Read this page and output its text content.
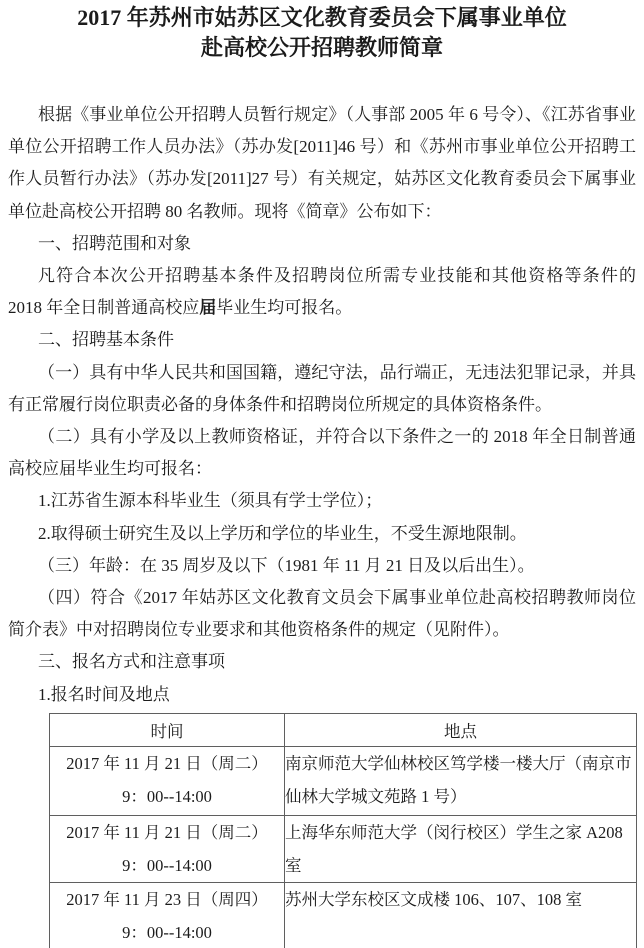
2017 年苏州市姑苏区文化教育委员会下属事业单位
赴高校公开招聘教师简章

根据《事业单位公开招聘人员暂行规定》（人事部 2005 年 6 号令）、《江苏省事业单位公开招聘工作人员办法》（苏办发[2011]46 号）和《苏州市事业单位公开招聘工作人员暂行办法》（苏办发[2011]27 号）有关规定，姑苏区文化教育委员会下属事业单位赴高校公开招聘 80 名教师。现将《简章》公布如下：

一、招聘范围和对象

凡符合本次公开招聘基本条件及招聘岗位所需专业技能和其他资格等条件的 2018 年全日制普通高校应届毕业生均可报名。

二、招聘基本条件

（一）具有中华人民共和国国籍，遵纪守法，品行端正，无违法犯罪记录，并具有正常履行岗位职责必备的身体条件和招聘岗位所规定的具体资格条件。

（二）具有小学及以上教师资格证，并符合以下条件之一的 2018 年全日制普通高校应届毕业生均可报名：

1.江苏省生源本科毕业生（须具有学士学位）；

2.取得硕士研究生及以上学历和学位的毕业生，不受生源地限制。

（三）年龄：在 35 周岁及以下（1981 年 11 月 21 日及以后出生）。

（四）符合《2017 年姑苏区文化教育文员会下属事业单位赴高校招聘教师岗位简介表》中对招聘岗位专业要求和其他资格条件的规定（见附件）。

三、报名方式和注意事项

1.报名时间及地点

时间	地点

2017 年 11 月 21 日（周二）
9：00--14:00	南京师范大学仙林校区笃学楼一楼大厅（南京市仙林大学城文苑路 1 号）

2017 年 11 月 21 日（周二）
9：00--14:00	上海华东师范大学（闵行校区）学生之家 A208 室

2017 年 11 月 23 日（周四）
9：00--14:00	苏州大学东校区文成楼 106、107、108 室
